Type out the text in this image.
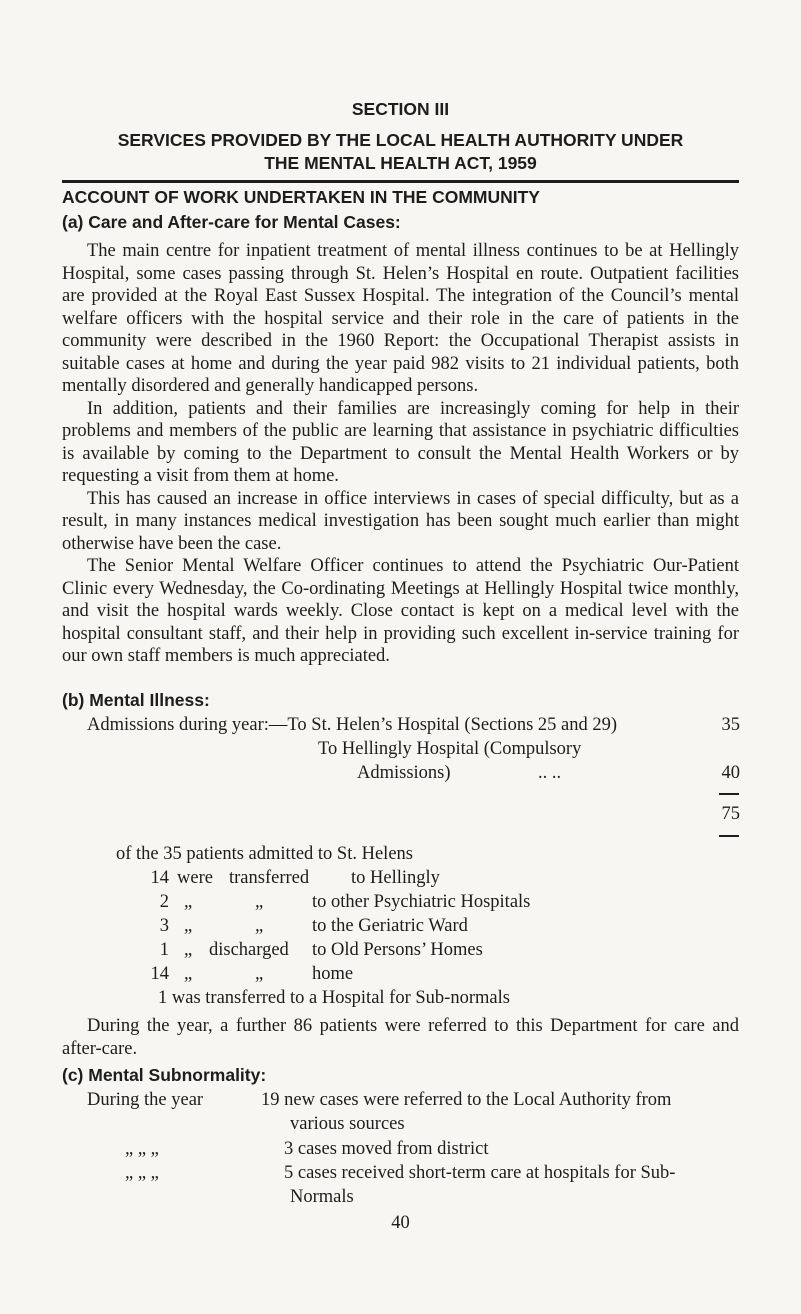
SECTION III
SERVICES PROVIDED BY THE LOCAL HEALTH AUTHORITY UNDER
THE MENTAL HEALTH ACT, 1959
ACCOUNT OF WORK UNDERTAKEN IN THE COMMUNITY
(a) Care and After-care for Mental Cases:

The main centre for inpatient treatment of mental illness continues to be at Hellingly Hospital, some cases passing through St. Helen’s Hospital en route. Outpatient facilities are provided at the Royal East Sussex Hospital. The integration of the Council’s mental welfare officers with the hospital service and their role in the care of patients in the community were described in the 1960 Report: the Occupational Therapist assists in suitable cases at home and during the year paid 982 visits to 21 individual patients, both mentally disordered and generally handicapped persons.

In addition, patients and their families are increasingly coming for help in their problems and members of the public are learning that assistance in psychiatric difficulties is available by coming to the Department to consult the Mental Health Workers or by requesting a visit from them at home.

This has caused an increase in office interviews in cases of special difficulty, but as a result, in many instances medical investigation has been sought much earlier than might otherwise have been the case.

The Senior Mental Welfare Officer continues to attend the Psychiatric Our-Patient Clinic every Wednesday, the Co-ordinating Meetings at Hellingly Hospital twice monthly, and visit the hospital wards weekly. Close contact is kept on a medical level with the hospital consultant staff, and their help in providing such excellent in-service training for our own staff members is much appreciated.

(b) Mental Illness:
Admissions during year:—To St. Helen’s Hospital (Sections 25 and 29)	35
To Hellingly Hospital (Compulsory
Admissions)	.. ..	40
75
of the 35 patients admitted to St. Helens
14 were transferred to Hellingly
2 „	„	to other Psychiatric Hospitals
3 „	„	to the Geriatric Ward
1 „ discharged to Old Persons’ Homes
14 „	„	home
1 was transferred to a Hospital for Sub-normals

During the year, a further 86 patients were referred to this Department for care and after-care.

(c) Mental Subnormality:
During the year	19 new cases were referred to the Local Authority from
various sources
„ „ „	3 cases moved from district
„ „ „	5 cases received short-term care at hospitals for Sub-
Normals
40
